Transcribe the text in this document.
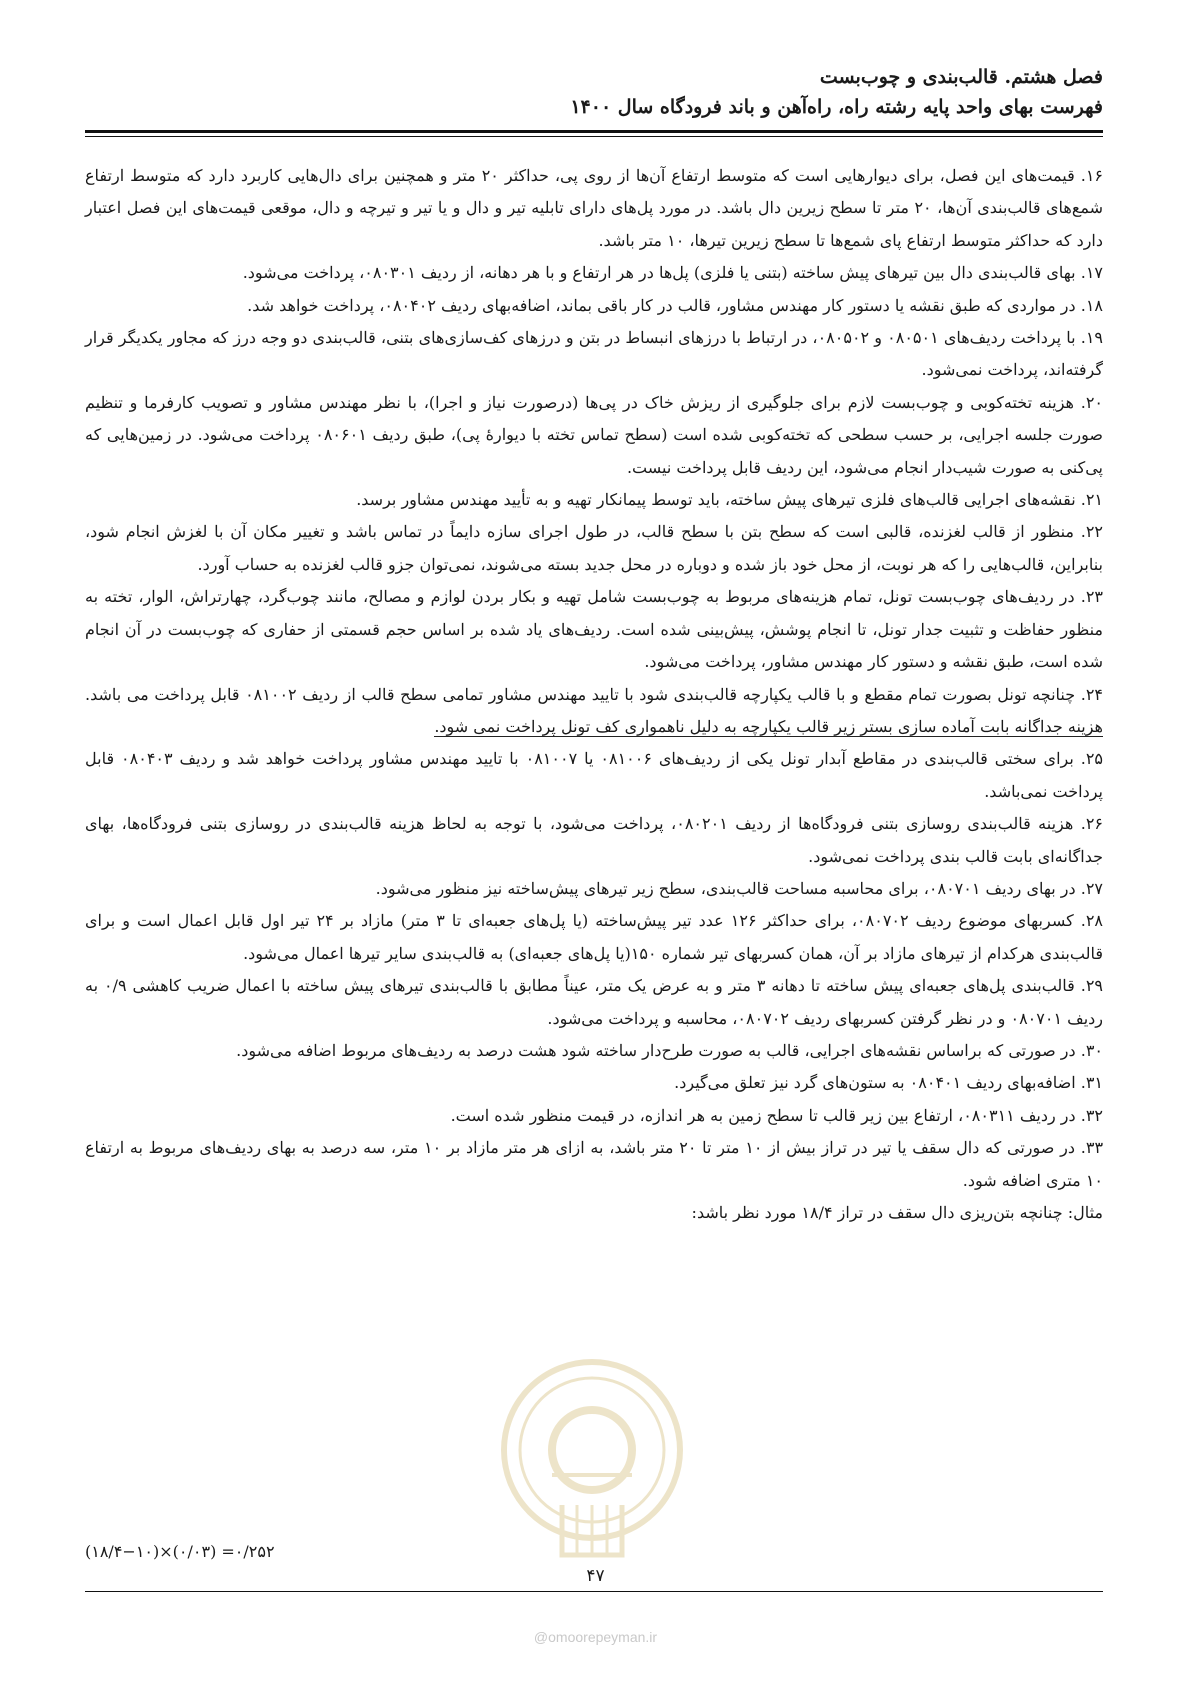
فصل هشتم. قالب‌بندی و چوب‌بست
فهرست بهای واحد پایه رشته راه، راه‌آهن و باند فرودگاه سال ۱۴۰۰

۱۶. قیمت‌های این فصل، برای دیوارهایی است که متوسط ارتفاع آن‌ها از روی پی، حداکثر ۲۰ متر و همچنین برای دال‌هایی کاربرد دارد که متوسط ارتفاع شمع‌های قالب‌بندی آن‌ها، ۲۰ متر تا سطح زیرین دال باشد. در مورد پل‌های دارای تابلیه تیر و دال و یا تیر و تیرچه و دال، موقعی قیمت‌های این فصل اعتبار دارد که حداکثر متوسط ارتفاع پای شمع‌ها تا سطح زیرین تیرها، ۱۰ متر باشد.

۱۷. بهای قالب‌بندی دال بین تیرهای پیش ساخته (بتنی یا فلزی) پل‌ها در هر ارتفاع و با هر دهانه، از ردیف ۰۸۰۳۰۱، پرداخت می‌شود.

۱۸. در مواردی که طبق نقشه یا دستور کار مهندس مشاور، قالب در کار باقی بماند، اضافه‌بهای ردیف ۰۸۰۴۰۲، پرداخت خواهد شد.

۱۹. با پرداخت ردیف‌های ۰۸۰۵۰۱ و ۰۸۰۵۰۲، در ارتباط با درزهای انبساط در بتن و درزهای کف‌سازی‌های بتنی، قالب‌بندی دو وجه درز که مجاور یکدیگر قرار گرفته‌اند، پرداخت نمی‌شود.

۲۰. هزینه تخته‌کوبی و چوب‌بست لازم برای جلوگیری از ریزش خاک در پی‌ها (درصورت نیاز و اجرا)، با نظر مهندس مشاور و تصویب کارفرما و تنظیم صورت جلسه اجرایی، بر حسب سطحی که تخته‌کوبی شده است (سطح تماس تخته با دیوارهٔ پی)، طبق ردیف ۰۸۰۶۰۱ پرداخت می‌شود. در زمین‌هایی که پی‌کنی به صورت شیب‌دار انجام می‌شود، این ردیف قابل پرداخت نیست.

۲۱. نقشه‌های اجرایی قالب‌های فلزی تیرهای پیش ساخته، باید توسط پیمانکار تهیه و به تأیید مهندس مشاور برسد.

۲۲. منظور از قالب لغزنده، قالبی است که سطح بتن با سطح قالب، در طول اجرای سازه دایماً در تماس باشد و تغییر مکان آن با لغزش انجام شود، بنابراین، قالب‌هایی را که هر نوبت، از محل خود باز شده و دوباره در محل جدید بسته می‌شوند، نمی‌توان جزو قالب لغزنده به حساب آورد.

۲۳. در ردیف‌های چوب‌بست تونل، تمام هزینه‌های مربوط به چوب‌بست شامل تهیه و بکار بردن لوازم و مصالح، مانند چوب‌گرد، چهارتراش، الوار، تخته به منظور حفاظت و تثبیت جدار تونل، تا انجام پوشش، پیش‌بینی شده است. ردیف‌های یاد شده بر اساس حجم قسمتی از حفاری که چوب‌بست در آن انجام شده است، طبق نقشه و دستور کار مهندس مشاور، پرداخت می‌شود.

۲۴. چنانچه تونل بصورت تمام مقطع و با قالب یکپارچه قالب‌بندی شود با تایید مهندس مشاور تمامی سطح قالب از ردیف ۰۸۱۰۰۲ قابل پرداخت می باشد. هزینه جداگانه بابت آماده سازی بستر زیر قالب یکپارچه به دلیل ناهمواری کف تونل پرداخت نمی شود.

۲۵. برای سختی قالب‌بندی در مقاطع آبدار تونل یکی از ردیف‌های ۰۸۱۰۰۶ یا ۰۸۱۰۰۷ با تایید مهندس مشاور پرداخت خواهد شد و ردیف ۰۸۰۴۰۳ قابل پرداخت نمی‌باشد.

۲۶. هزینه قالب‌بندی روسازی بتنی فرودگاه‌ها از ردیف ۰۸۰۲۰۱، پرداخت می‌شود، با توجه به لحاظ هزینه قالب‌بندی در روسازی بتنی فرودگاه‌ها، بهای جداگانه‌ای بابت قالب بندی پرداخت نمی‌شود.

۲۷. در بهای ردیف ۰۸۰۷۰۱، برای محاسبه مساحت قالب‌بندی، سطح زیر تیرهای پیش‌ساخته نیز منظور می‌شود.

۲۸. کسربهای موضوع ردیف ۰۸۰۷۰۲، برای حداکثر ۱۲۶ عدد تیر پیش‌ساخته (یا پل‌های جعبه‌ای تا ۳ متر) مازاد بر ۲۴ تیر اول قابل اعمال است و برای قالب‌بندی هرکدام از تیرهای مازاد بر آن، همان کسربهای تیر شماره ۱۵۰(یا پل‌های جعبه‌ای) به قالب‌بندی سایر تیرها اعمال می‌شود.

۲۹. قالب‌بندی پل‌های جعبه‌ای پیش ساخته تا دهانه ۳ متر و به عرض یک متر، عیناً مطابق با قالب‌بندی تیرهای پیش ساخته با اعمال ضریب کاهشی ۰/۹ به ردیف ۰۸۰۷۰۱ و در نظر گرفتن کسربهای ردیف ۰۸۰۷۰۲، محاسبه و پرداخت می‌شود.

۳۰. در صورتی که براساس نقشه‌های اجرایی، قالب به صورت طرح‌دار ساخته شود هشت درصد به ردیف‌های مربوط اضافه می‌شود.

۳۱. اضافه‌بهای ردیف ۰۸۰۴۰۱ به ستون‌های گرد نیز تعلق می‌گیرد.

۳۲. در ردیف ۰۸۰۳۱۱، ارتفاع بین زیر قالب تا سطح زمین به هر اندازه، در قیمت منظور شده است.

۳۳. در صورتی که دال سقف یا تیر در تراز بیش از ۱۰ متر تا ۲۰ متر باشد، به ازای هر متر مازاد بر ۱۰ متر، سه درصد به بهای ردیف‌های مربوط به ارتفاع ۱۰ متری اضافه شود.

مثال: چنانچه بتن‌ریزی دال سقف در تراز ۱۸/۴ مورد نظر باشد:

(۱۸/۴−۱۰)×(۰/۰۳) =۰/۲۵۲
۴۷
@omoorepeyman.ir
